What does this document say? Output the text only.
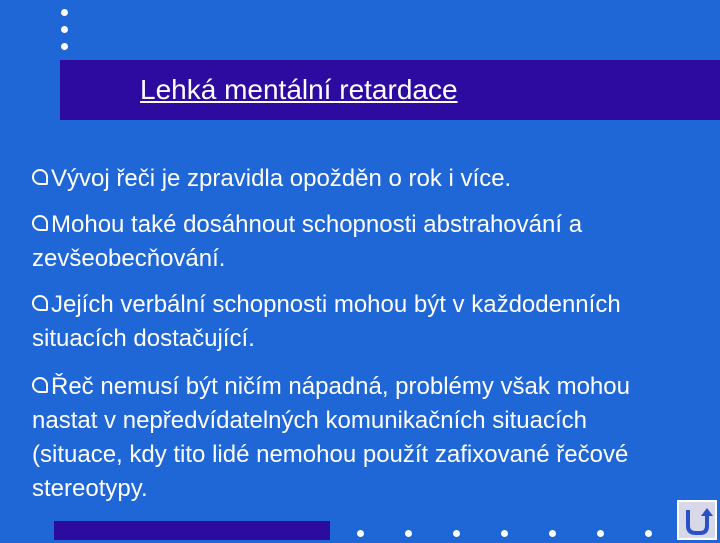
Lehká mentální retardace
Vývoj řeči je zpravidla opožděn o rok i více.
Mohou také dosáhnout schopnosti abstrahování a zevšeobecňování.
Jejích verbální schopnosti mohou být v každodenních situacích dostačující.
Řeč nemusí být ničím nápadná, problémy však mohou nastat v nepředvídatelných komunikačních situacích (situace, kdy tito lidé nemohou použít zafixované řečové stereotypy.
